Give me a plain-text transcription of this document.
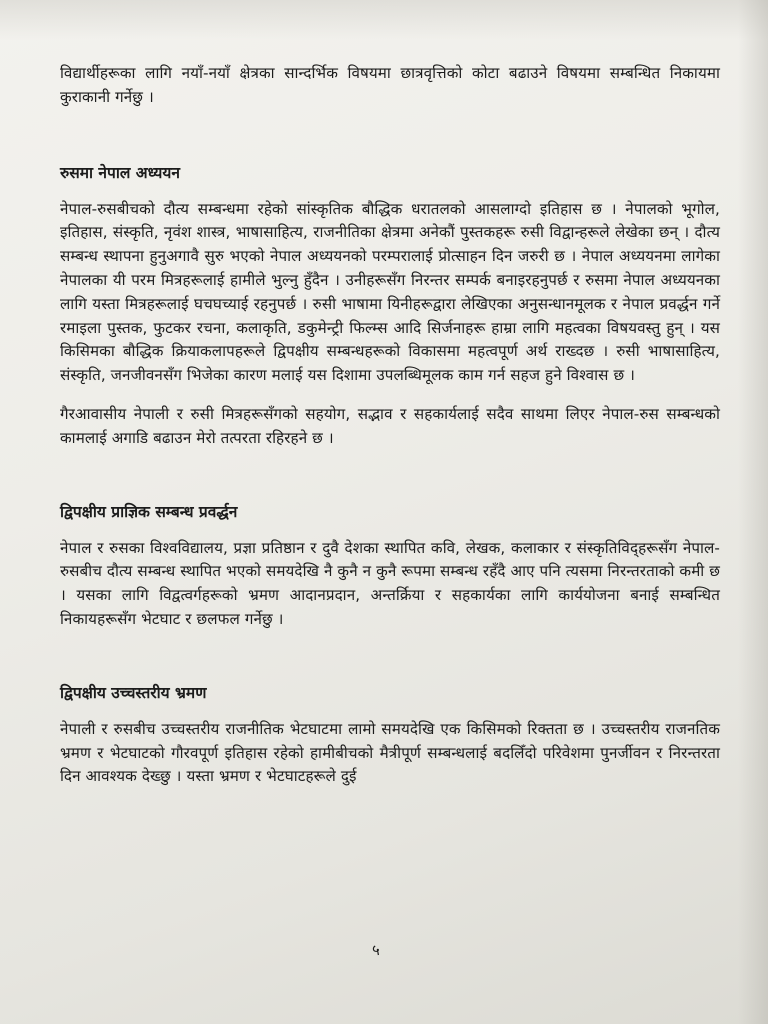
विद्यार्थीहरूका लागि नयाँ-नयाँ क्षेत्रका सान्दर्भिक विषयमा छात्रवृत्तिको कोटा बढाउने विषयमा सम्बन्धित निकायमा कुराकानी गर्नेछु ।

रुसमा नेपाल अध्ययन

नेपाल-रुसबीचको दौत्य सम्बन्धमा रहेको सांस्कृतिक बौद्धिक धरातलको आसलाग्दो इतिहास छ । नेपालको भूगोल, इतिहास, संस्कृति, नृवंश शास्त्र, भाषासाहित्य, राजनीतिका क्षेत्रमा अनेकौं पुस्तकहरू रुसी विद्वान्हरूले लेखेका छन् । दौत्य सम्बन्ध स्थापना हुनुअगावै सुरु भएको नेपाल अध्ययनको परम्परालाई प्रोत्साहन दिन जरुरी छ । नेपाल अध्ययनमा लागेका नेपालका यी परम मित्रहरूलाई हामीले भुल्नु हुँदैन । उनीहरूसँग निरन्तर सम्पर्क बनाइरहनुपर्छ र रुसमा नेपाल अध्ययनका लागि यस्ता मित्रहरूलाई घचघच्याई रहनुपर्छ । रुसी भाषामा यिनीहरूद्वारा लेखिएका अनुसन्धानमूलक र नेपाल प्रवर्द्धन गर्ने रमाइला पुस्तक, फुटकर रचना, कलाकृति, डकुमेन्ट्री फिल्म्स आदि सिर्जनाहरू हाम्रा लागि महत्वका विषयवस्तु हुन् । यस किसिमका बौद्धिक क्रियाकलापहरूले द्विपक्षीय सम्बन्धहरूको विकासमा महत्वपूर्ण अर्थ राख्दछ । रुसी भाषासाहित्य, संस्कृति, जनजीवनसँग भिजेका कारण मलाई यस दिशामा उपलब्धिमूलक काम गर्न सहज हुने विश्वास छ ।

गैरआवासीय नेपाली र रुसी मित्रहरूसँगको सहयोग, सद्भाव र सहकार्यलाई सदैव साथमा लिएर नेपाल-रुस सम्बन्धको कामलाई अगाडि बढाउन मेरो तत्परता रहिरहने छ ।

द्विपक्षीय प्राज्ञिक सम्बन्ध प्रवर्द्धन

नेपाल र रुसका विश्वविद्यालय, प्रज्ञा प्रतिष्ठान र दुवै देशका स्थापित कवि, लेखक, कलाकार र संस्कृतिविद्हरूसँग नेपाल-रुसबीच दौत्य सम्बन्ध स्थापित भएको समयदेखि नै कुनै न कुनै रूपमा सम्बन्ध रहँदै आए पनि त्यसमा निरन्तरताको कमी छ । यसका लागि विद्वत्वर्गहरूको भ्रमण आदानप्रदान, अन्तर्क्रिया र सहकार्यका लागि कार्ययोजना बनाई सम्बन्धित निकायहरूसँग भेटघाट र छलफल गर्नेछु ।

द्विपक्षीय उच्चस्तरीय भ्रमण

नेपाली र रुसबीच उच्चस्तरीय राजनीतिक भेटघाटमा लामो समयदेखि एक किसिमको रिक्तता छ । उच्चस्तरीय राजनतिक भ्रमण र भेटघाटको गौरवपूर्ण इतिहास रहेको हामीबीचको मैत्रीपूर्ण सम्बन्धलाई बदलिँदो परिवेशमा पुनर्जीवन र निरन्तरता दिन आवश्यक देख्छु । यस्ता भ्रमण र भेटघाटहरूले दुई

५
